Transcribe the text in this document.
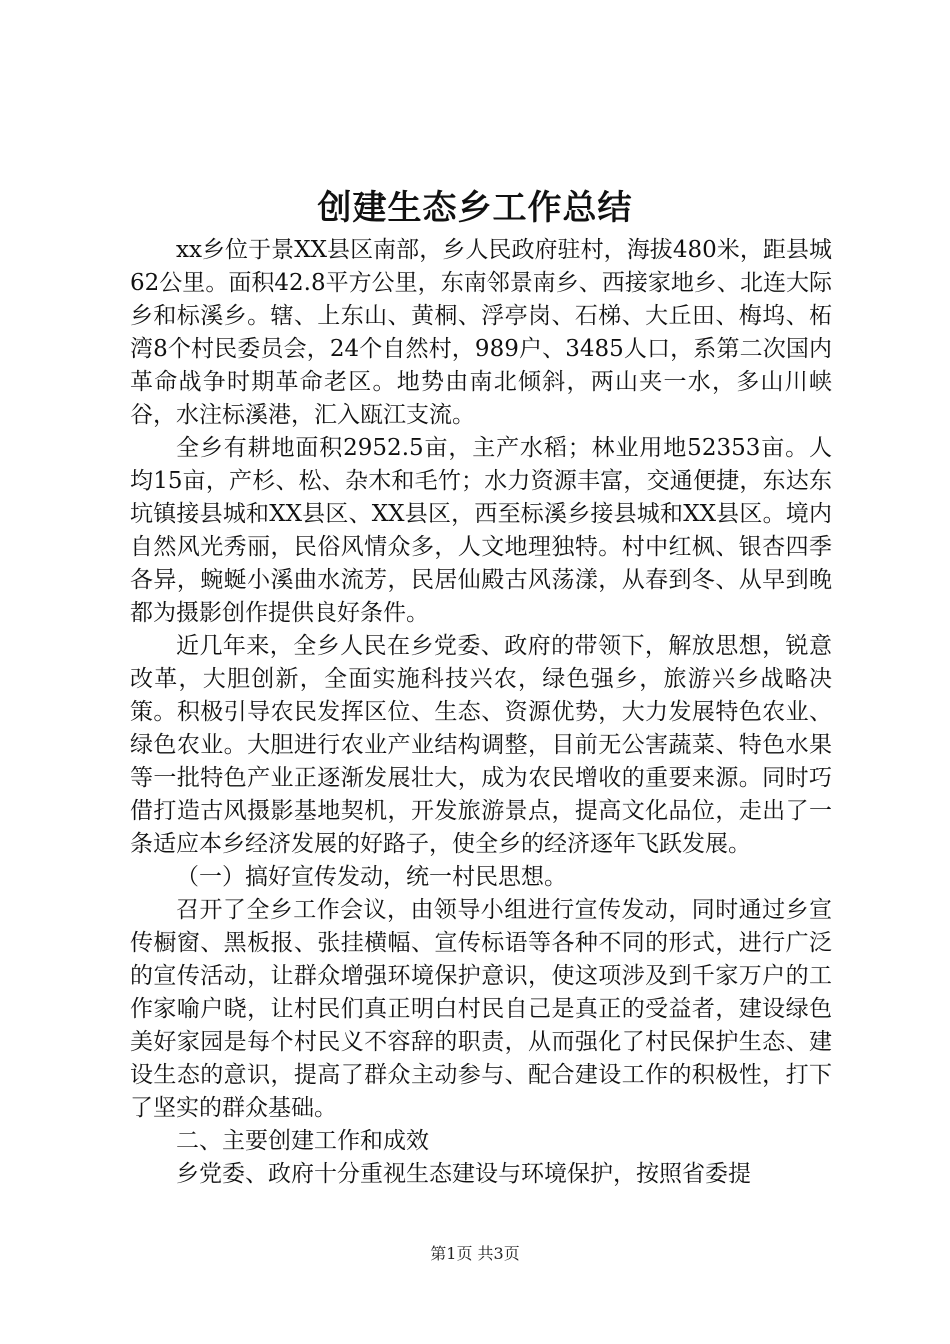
创建生态乡工作总结

xx乡位于景XX县区南部，乡人民政府驻村，海拔480米，距县城62公里。面积42.8平方公里，东南邻景南乡、西接家地乡、北连大际乡和标溪乡。辖、上东山、黄桐、浮亭岗、石梯、大丘田、梅坞、柘湾8个村民委员会，24个自然村，989户、3485人口，系第二次国内革命战争时期革命老区。地势由南北倾斜，两山夹一水，多山川峡谷，水注标溪港，汇入瓯江支流。

全乡有耕地面积2952.5亩，主产水稻；林业用地52353亩。人均15亩，产杉、松、杂木和毛竹；水力资源丰富，交通便捷，东达东坑镇接县城和XX县区、XX县区，西至标溪乡接县城和XX县区。境内自然风光秀丽，民俗风情众多，人文地理独特。村中红枫、银杏四季各异，蜿蜒小溪曲水流芳，民居仙殿古风荡漾，从春到冬、从早到晚都为摄影创作提供良好条件。

近几年来，全乡人民在乡党委、政府的带领下，解放思想，锐意改革，大胆创新，全面实施科技兴农，绿色强乡，旅游兴乡战略决策。积极引导农民发挥区位、生态、资源优势，大力发展特色农业、绿色农业。大胆进行农业产业结构调整，目前无公害蔬菜、特色水果等一批特色产业正逐渐发展壮大，成为农民增收的重要来源。同时巧借打造古风摄影基地契机，开发旅游景点，提高文化品位，走出了一条适应本乡经济发展的好路子，使全乡的经济逐年飞跃发展。

（一）搞好宣传发动，统一村民思想。

召开了全乡工作会议，由领导小组进行宣传发动，同时通过乡宣传橱窗、黑板报、张挂横幅、宣传标语等各种不同的形式，进行广泛的宣传活动，让群众增强环境保护意识，使这项涉及到千家万户的工作家喻户晓，让村民们真正明白村民自己是真正的受益者，建设绿色美好家园是每个村民义不容辞的职责，从而强化了村民保护生态、建设生态的意识，提高了群众主动参与、配合建设工作的积极性，打下了坚实的群众基础。

二、主要创建工作和成效

乡党委、政府十分重视生态建设与环境保护，按照省委提

第1页 共3页
